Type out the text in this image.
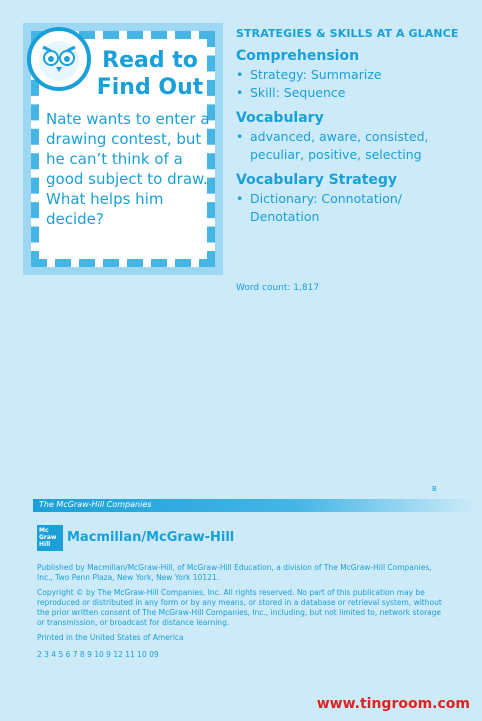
Read to
Find Out
Nate wants to enter a drawing contest, but he can’t think of a good subject to draw. What helps him decide?
STRATEGIES & SKILLS AT A GLANCE
Comprehension
• Strategy: Summarize
• Skill: Sequence
Vocabulary
• advanced, aware, consisted, peculiar, positive, selecting
Vocabulary Strategy
• Dictionary: Connotation/ Denotation
Word count: 1,817
B
The McGraw-Hill Companies
Mc Graw Hill	Macmillan/McGraw-Hill

Published by Macmillan/McGraw-Hill, of McGraw-Hill Education, a division of The McGraw-Hill Companies, Inc., Two Penn Plaza, New York, New York 10121.

Copyright © by The McGraw-Hill Companies, Inc. All rights reserved. No part of this publication may be reproduced or distributed in any form or by any means, or stored in a database or retrieval system, without the prior written consent of The McGraw-Hill Companies, Inc., including, but not limited to, network storage or transmission, or broadcast for distance learning.

Printed in the United States of America

2 3 4 5 6 7 8 9 10 9 12 11 10 09

www.tingroom.com
